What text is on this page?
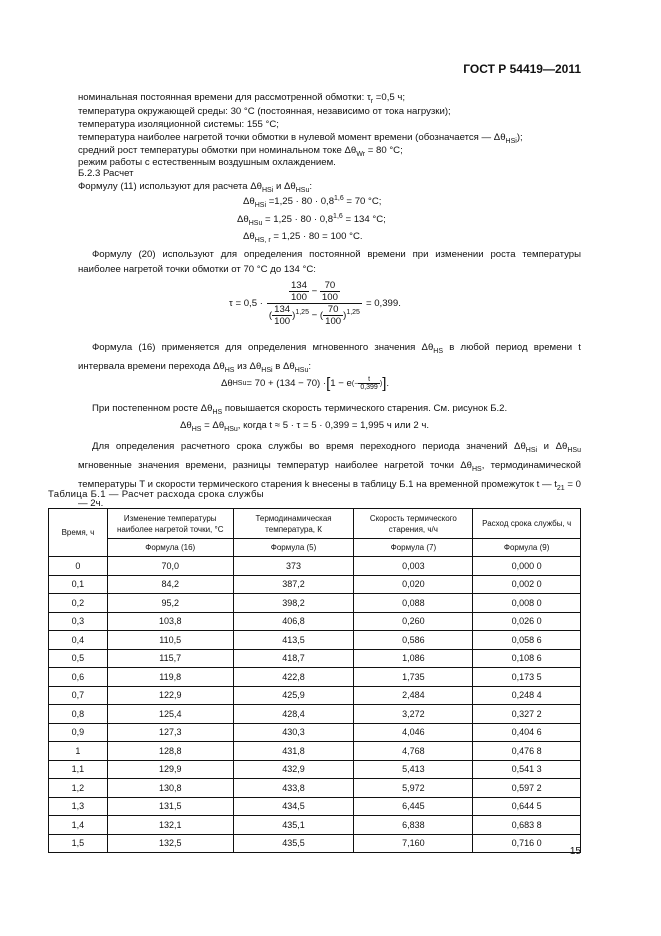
ГОСТ Р 54419—2011
номинальная постоянная времени для рассмотренной обмотки: $\tau_r =0,5$ ч;
температура окружающей среды: 30 °С (постоянная, независимо от тока нагрузки);
температура изоляционной системы: 155 °С;
температура наиболее нагретой точки обмотки в нулевой момент времени (обозначается — $\Delta\theta_{HSi}$);
средний рост температуры обмотки при номинальном токе $\Delta\theta_{Wr} = 80$ °С;
режим работы с естественным воздушным охлаждением.
Б.2.3 Расчет
Формулу (11) используют для расчета $\Delta\theta_{HSi}$ и $\Delta\theta_{HSu}$:
$\Delta\theta_{HSi} =1,25 \cdot 80 \cdot 0,8^{1,6} = 70$ °С;
$\Delta\theta_{HSu} = 1,25 \cdot 80 \cdot 0,8^{1,6} = 134$ °С;
$\Delta\theta_{HS, r} = 1,25 \cdot 80 = 100$ °С.
Формулу (20) используют для определения постоянной времени при изменении роста температуры наиболее нагретой точки обмотки от 70 °С до 134 °С:
$\tau = 0,5 \cdot \frac{\frac{134}{100} - \frac{70}{100}}{( \frac{134}{100} )^{1,25} - ( \frac{70}{100} )^{1,25}} = 0,399$.
Формула (16) применяется для определения мгновенного значения $\Delta\theta_{HS}$ в любой период времени t интервала времени перехода $\Delta\theta_{HS}$ из $\Delta\theta_{HSi}$ в $\Delta\theta_{HSu}$:
Δθ HSu = 70 + (134 − 70) · [ 1 − e (− $\frac{t}{0,399}$ ) ] .
При постепенном росте $\Delta\theta_{HS}$ повышается скорость термического старения. См. рисунок Б.2.
$\Delta\theta_{HS} = \Delta\theta_{HSu}$, когда t ≈ 5 · τ = 5 · 0,399 = 1,995 ч или 2 ч.
Для определения расчетного срока службы во время переходного периода значений $\Delta\theta_{HSi}$ и $\Delta\theta_{HSu}$ мгновенные значения времени, разницы температур наиболее нагретой точки $\Delta\theta_{HS}$, термодинамической температуры T и скорости термического старения k внесены в таблицу Б.1 на временной промежуток t — $t_{21} = 0$ — 2ч.
Таблица Б.1 — Расчет расхода срока службы
Время, ч	Изменение температуры наиболее нагретой точки, °С	Термодинамическая температура, К	Скорость термического старения, ч/ч	Расход срока службы, ч
	Формула (16)	Формула (5)	Формула (7)	Формула (9)
0	70,0	373	0,003	0,000 0
0,1	84,2	387,2	0,020	0,002 0
0,2	95,2	398,2	0,088	0,008 0
0,3	103,8	406,8	0,260	0,026 0
0,4	110,5	413,5	0,586	0,058 6
0,5	115,7	418,7	1,086	0,108 6
0,6	119,8	422,8	1,735	0,173 5
0,7	122,9	425,9	2,484	0,248 4
0,8	125,4	428,4	3,272	0,327 2
0,9	127,3	430,3	4,046	0,404 6
1	128,8	431,8	4,768	0,476 8
1,1	129,9	432,9	5,413	0,541 3
1,2	130,8	433,8	5,972	0,597 2
1,3	131,5	434,5	6,445	0,644 5
1,4	132,1	435,1	6,838	0,683 8
1,5	132,5	435,5	7,160	0,716 0
15
